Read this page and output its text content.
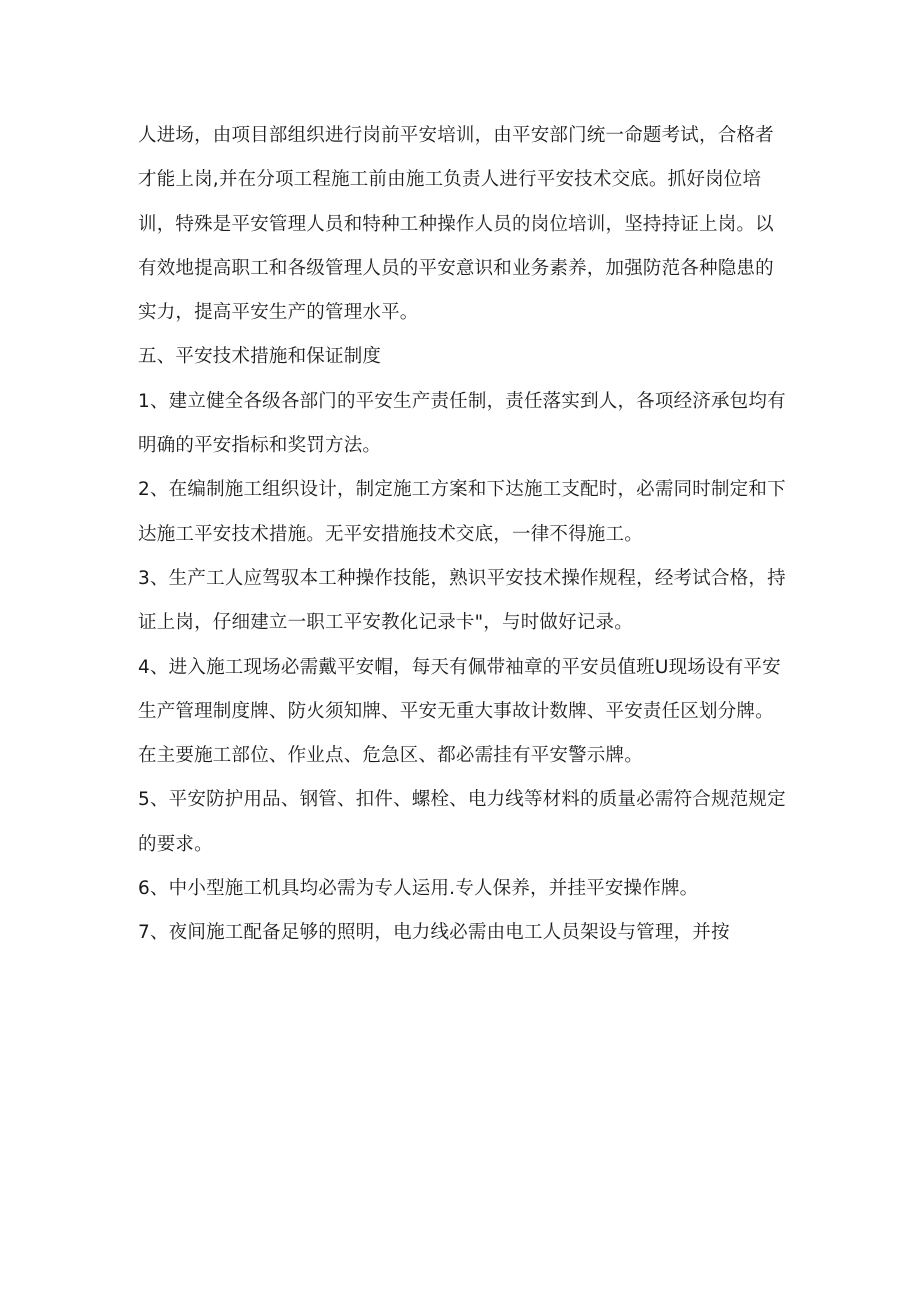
人进场，由项目部组织进行岗前平安培训，由平安部门统一命题考试，合格者才能上岗,并在分项工程施工前由施工负责人进行平安技术交底。抓好岗位培训，特殊是平安管理人员和特种工种操作人员的岗位培训，坚持持证上岗。以有效地提高职工和各级管理人员的平安意识和业务素养，加强防范各种隐患的实力，提高平安生产的管理水平。

五、平安技术措施和保证制度

1、建立健全各级各部门的平安生产责任制，责任落实到人，各项经济承包均有明确的平安指标和奖罚方法。

2、在编制施工组织设计，制定施工方案和下达施工支配时，必需同时制定和下达施工平安技术措施。无平安措施技术交底，一律不得施工。

3、生产工人应驾驭本工种操作技能，熟识平安技术操作规程，经考试合格，持证上岗，仔细建立一职工平安教化记录卡"，与时做好记录。

4、进入施工现场必需戴平安帽，每天有佩带袖章的平安员值班U现场设有平安生产管理制度牌、防火须知牌、平安无重大事故计数牌、平安责任区划分牌。在主要施工部位、作业点、危急区、都必需挂有平安警示牌。

5、平安防护用品、钢管、扣件、螺栓、电力线等材料的质量必需符合规范规定的要求。

6、中小型施工机具均必需为专人运用.专人保养，并挂平安操作牌。

7、夜间施工配备足够的照明，电力线必需由电工人员架设与管理，并按
